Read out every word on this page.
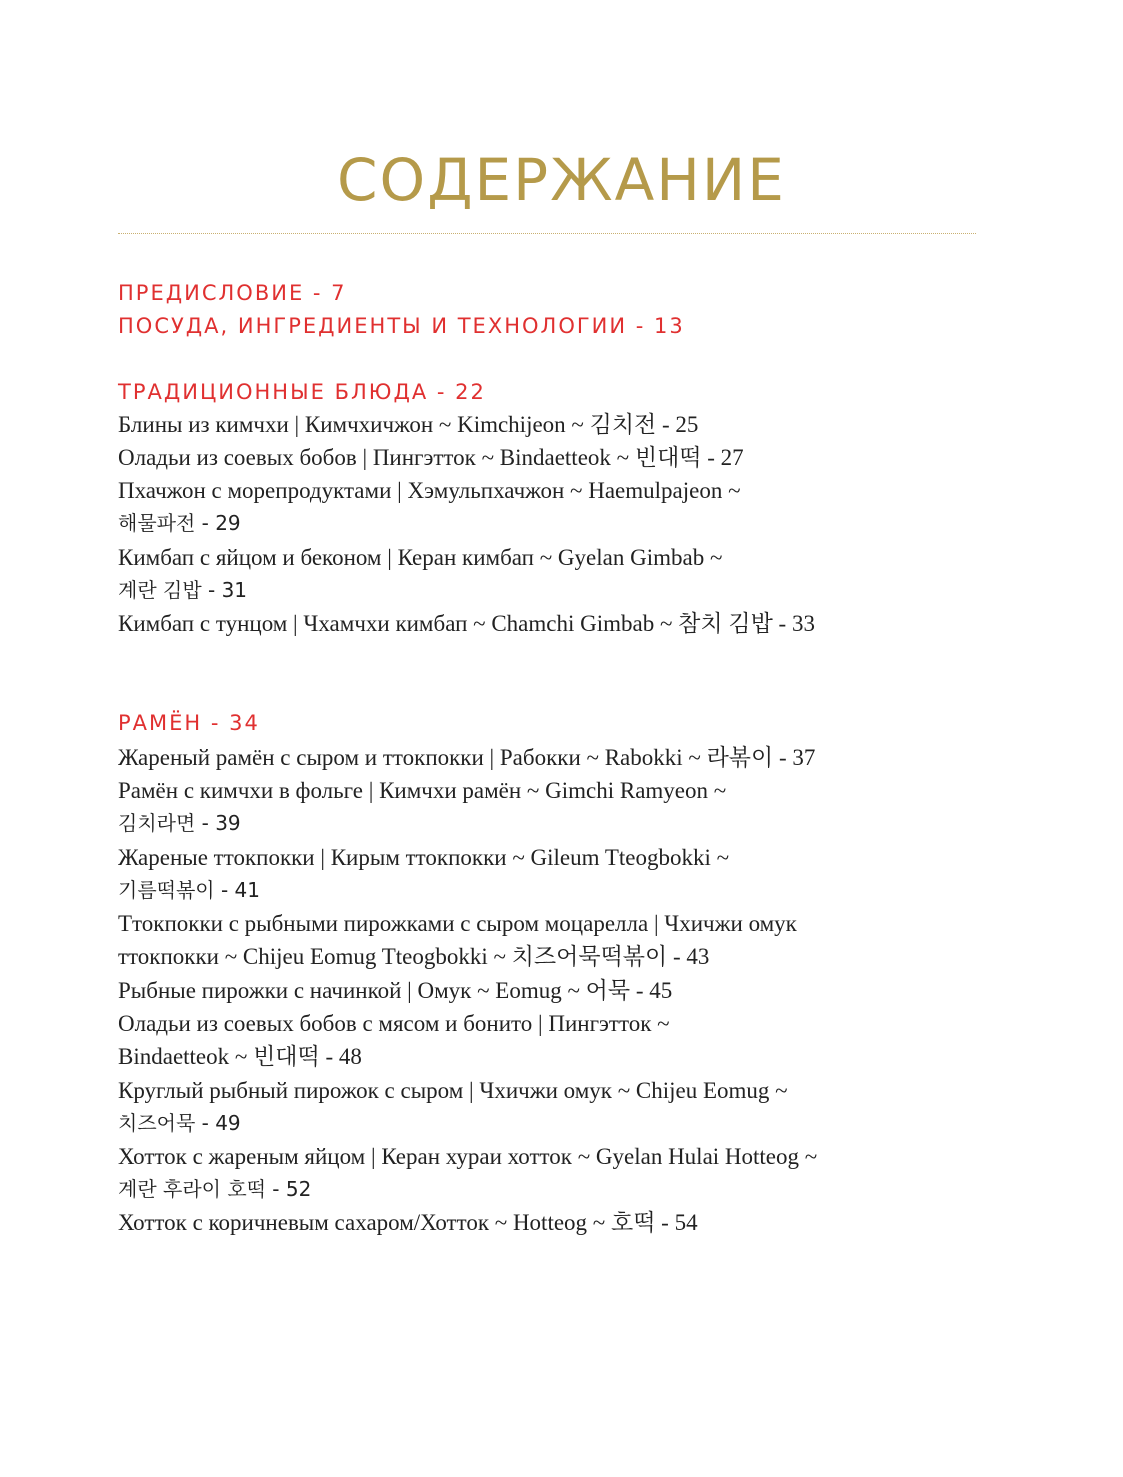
СОДЕРЖАНИЕ
ПРЕДИСЛОВИЕ - 7
ПОСУДА, ИНГРЕДИЕНТЫ И ТЕХНОЛОГИИ - 13
ТРАДИЦИОННЫЕ БЛЮДА - 22
Блины из кимчхи | Кимчхичжон ~ Kimchijeon ~ 김치전 - 25
Оладьи из соевых бобов | Пингэтток ~ Bindaetteok ~ 빈대떡 - 27
Пхачжон с морепродуктами | Хэмульпхачжон ~ Haemulpajeon ~
해물파전 - 29
Кимбап с яйцом и беконом | Керан кимбап ~ Gyelan Gimbab ~
계란 김밥 - 31
Кимбап с тунцом | Чхамчхи кимбап ~ Chamchi Gimbab ~ 참치 김밥 - 33
РАМЁН - 34
Жареный рамён с сыром и ттокпокки | Рабокки ~ Rabokki ~ 라볶이 - 37
Рамён с кимчхи в фольге | Кимчхи рамён ~ Gimchi Ramyeon ~
김치라면 - 39
Жареные ттокпокки | Кирым ттокпокки ~ Gileum Tteogbokki ~
기름떡볶이 - 41
Ттокпокки с рыбными пирожками с сыром моцарелла | Чхичжи омук
ттокпокки ~ Chijeu Eomug Tteogbokki ~ 치즈어묵떡볶이 - 43
Рыбные пирожки с начинкой | Омук ~ Eomug ~ 어묵 - 45
Оладьи из соевых бобов с мясом и бонито | Пингэтток ~
Bindaetteok ~ 빈대떡 - 48
Круглый рыбный пирожок с сыром | Чхичжи омук ~ Chijeu Eomug ~
치즈어묵 - 49
Хотток с жареным яйцом | Керан хураи хотток ~ Gyelan Hulai Hotteog ~
계란 후라이 호떡 - 52
Хотток с коричневым сахаром/Хотток ~ Hotteog ~ 호떡 - 54
